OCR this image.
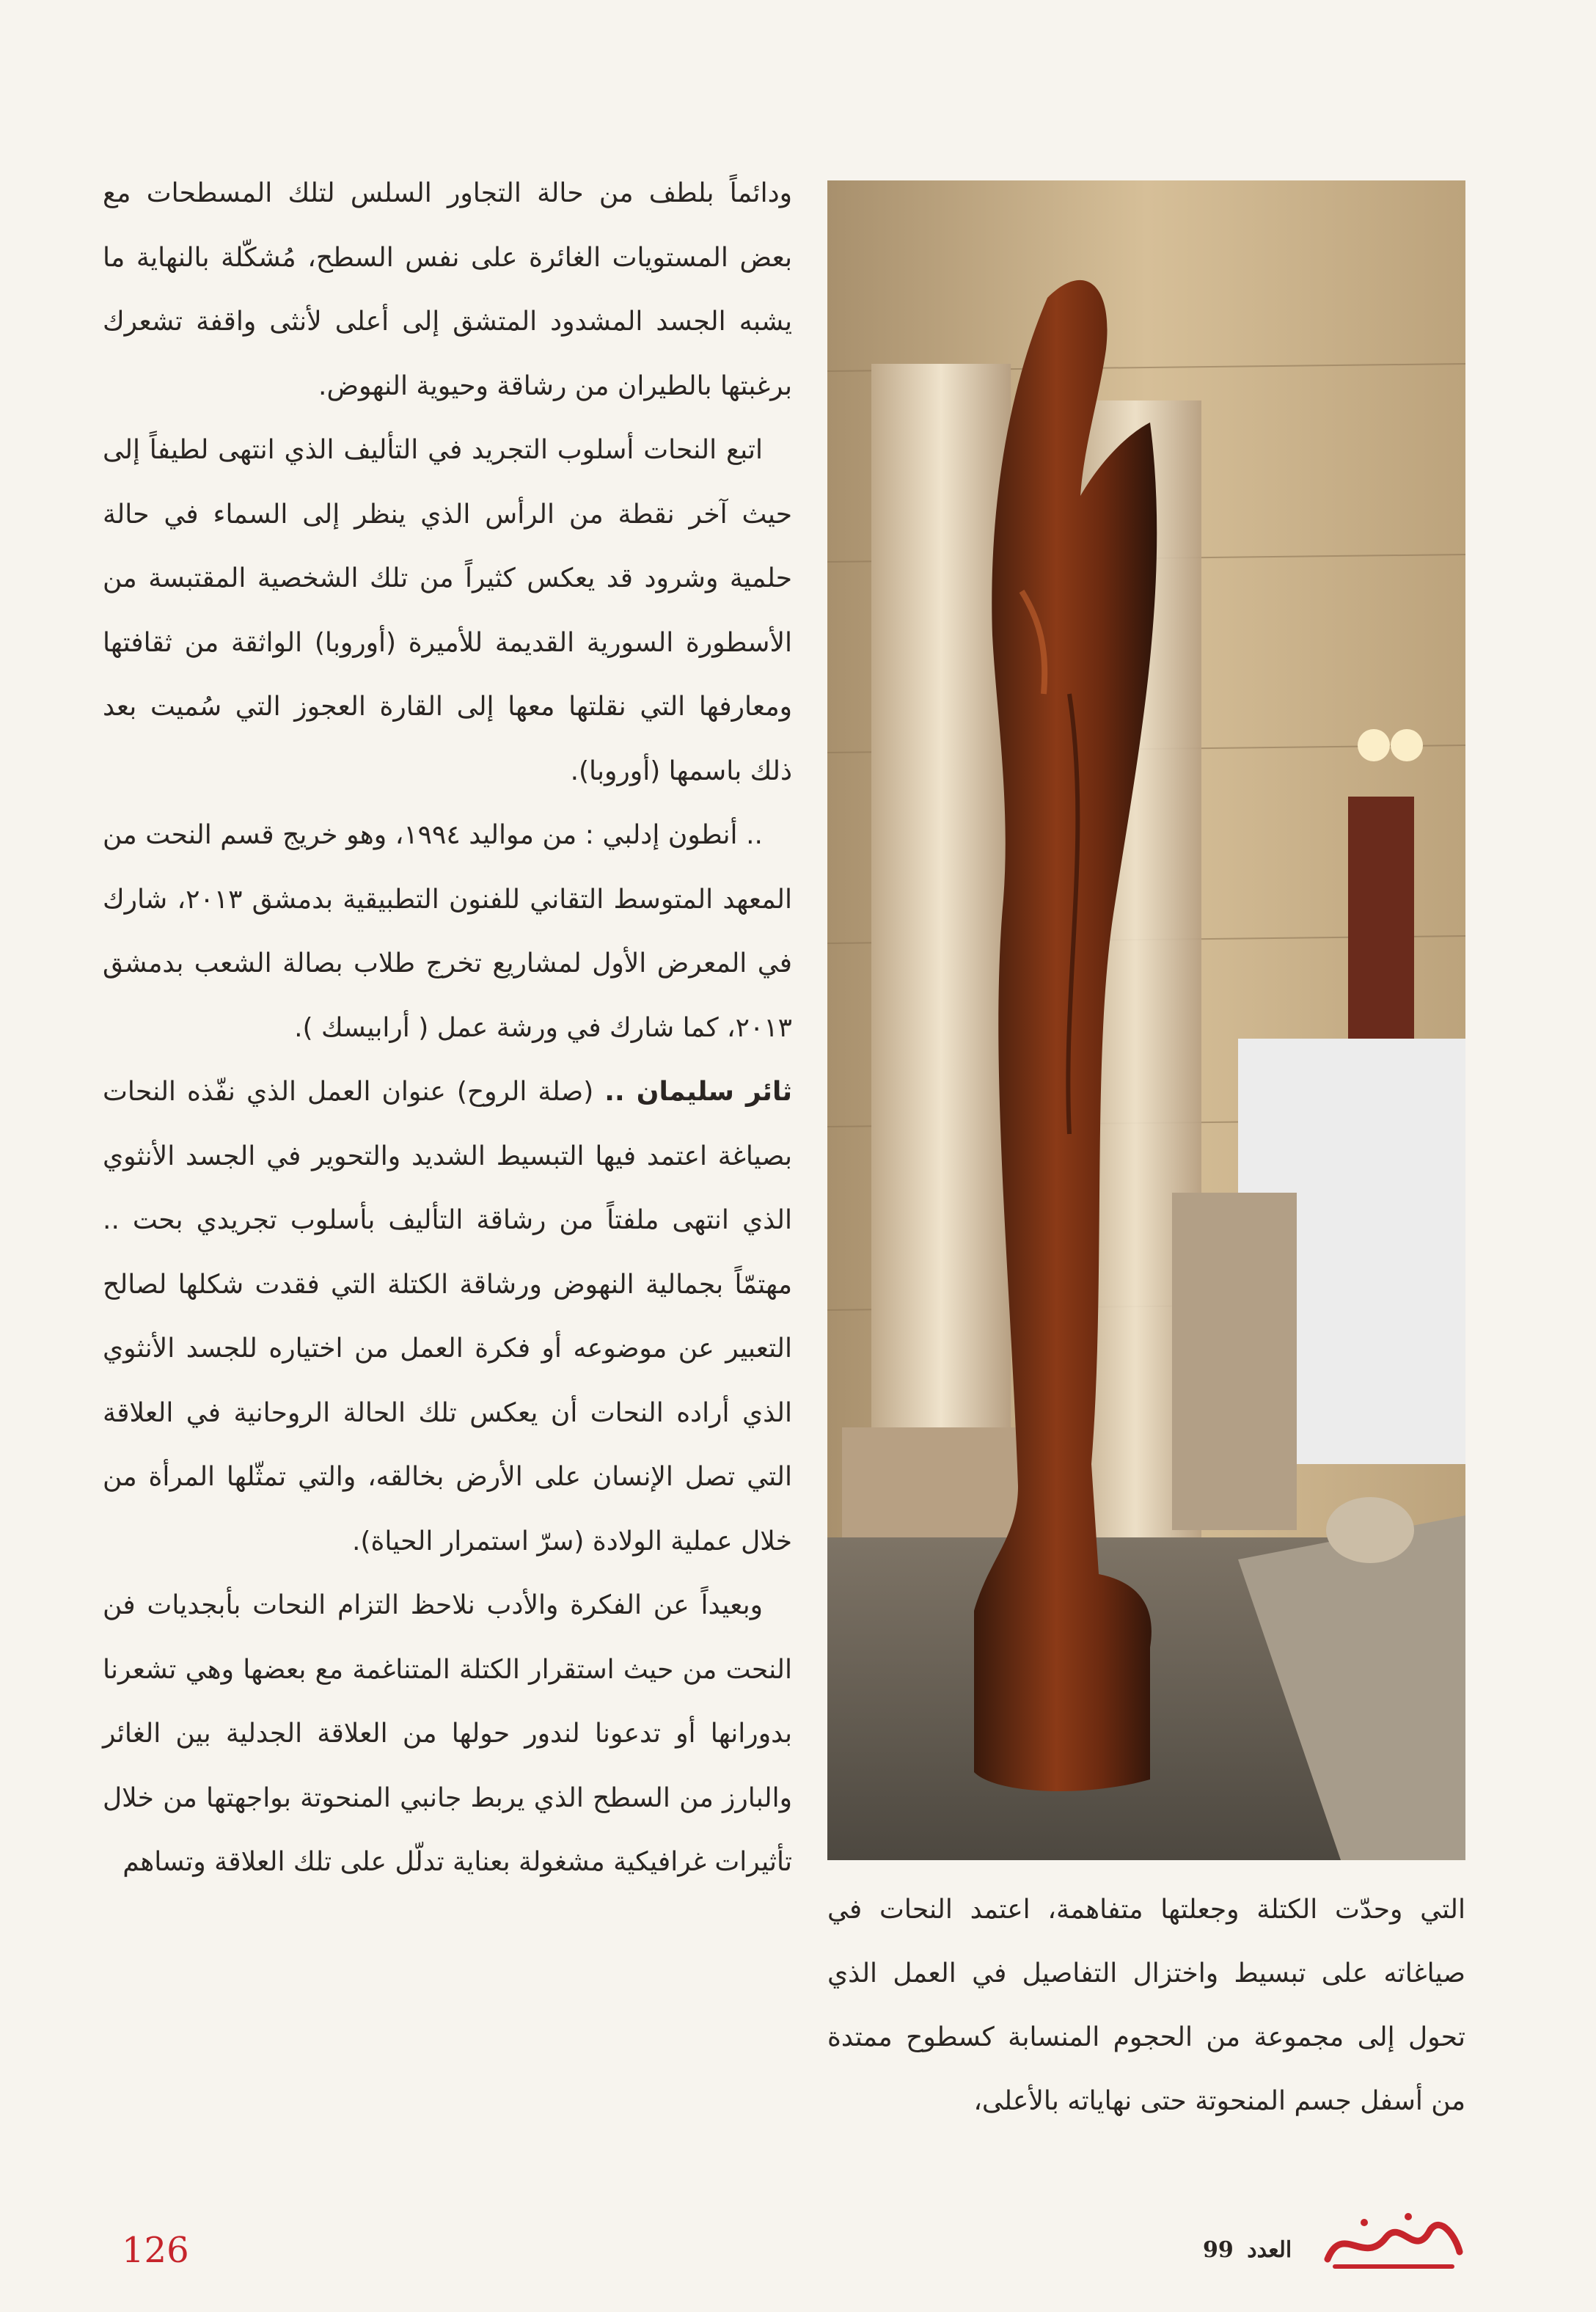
ودائماً بلطف من حالة التجاور السلس لتلك المسطحات مع بعض المستويات الغائرة على نفس السطح، مُشكّلة بالنهاية ما يشبه الجسد المشدود المتشق إلى أعلى لأنثى واقفة تشعرك برغبتها بالطيران من رشاقة وحيوية النهوض.

اتبع النحات أسلوب التجريد في التأليف الذي انتهى لطيفاً إلى حيث آخر نقطة من الرأس الذي ينظر إلى السماء في حالة حلمية وشرود قد يعكس كثيراً من تلك الشخصية المقتبسة من الأسطورة السورية القديمة للأميرة (أوروبا) الواثقة من ثقافتها ومعارفها التي نقلتها معها إلى القارة العجوز التي سُميت بعد ذلك باسمها (أوروبا).

.. أنطون إدلبي : من مواليد ١٩٩٤، وهو خريج قسم النحت من المعهد المتوسط التقاني للفنون التطبيقية بدمشق ٢٠١٣، شارك في المعرض الأول لمشاريع تخرج طلاب بصالة الشعب بدمشق ٢٠١٣، كما شارك في ورشة عمل ( أرابيسك ).

ثائر سليمان .. (صلة الروح) عنوان العمل الذي نفّذه النحات بصياغة اعتمد فيها التبسيط الشديد والتحوير في الجسد الأنثوي الذي انتهى ملفتاً من رشاقة التأليف بأسلوب تجريدي بحت .. مهتمّاً بجمالية النهوض ورشاقة الكتلة التي فقدت شكلها لصالح التعبير عن موضوعه أو فكرة العمل من اختياره للجسد الأنثوي الذي أراده النحات أن يعكس تلك الحالة الروحانية في العلاقة التي تصل الإنسان على الأرض بخالقه، والتي تمثّلها المرأة من خلال عملية الولادة (سرّ استمرار الحياة).

وبعيداً عن الفكرة والأدب نلاحظ التزام النحات بأبجديات فن النحت من حيث استقرار الكتلة المتناغمة مع بعضها وهي تشعرنا بدورانها أو تدعونا لندور حولها من العلاقة الجدلية بين الغائر والبارز من السطح الذي يربط جانبي المنحوتة بواجهتها من خلال تأثيرات غرافيكية مشغولة بعناية تدلّل على تلك العلاقة وتساهم

التي وحدّت الكتلة وجعلتها متفاهمة، اعتمد النحات في صياغاته على تبسيط واختزال التفاصيل في العمل الذي تحول إلى مجموعة من الحجوم المنسابة كسطوح ممتدة من أسفل جسم المنحوتة حتى نهاياته بالأعلى،

126	العدد 99
